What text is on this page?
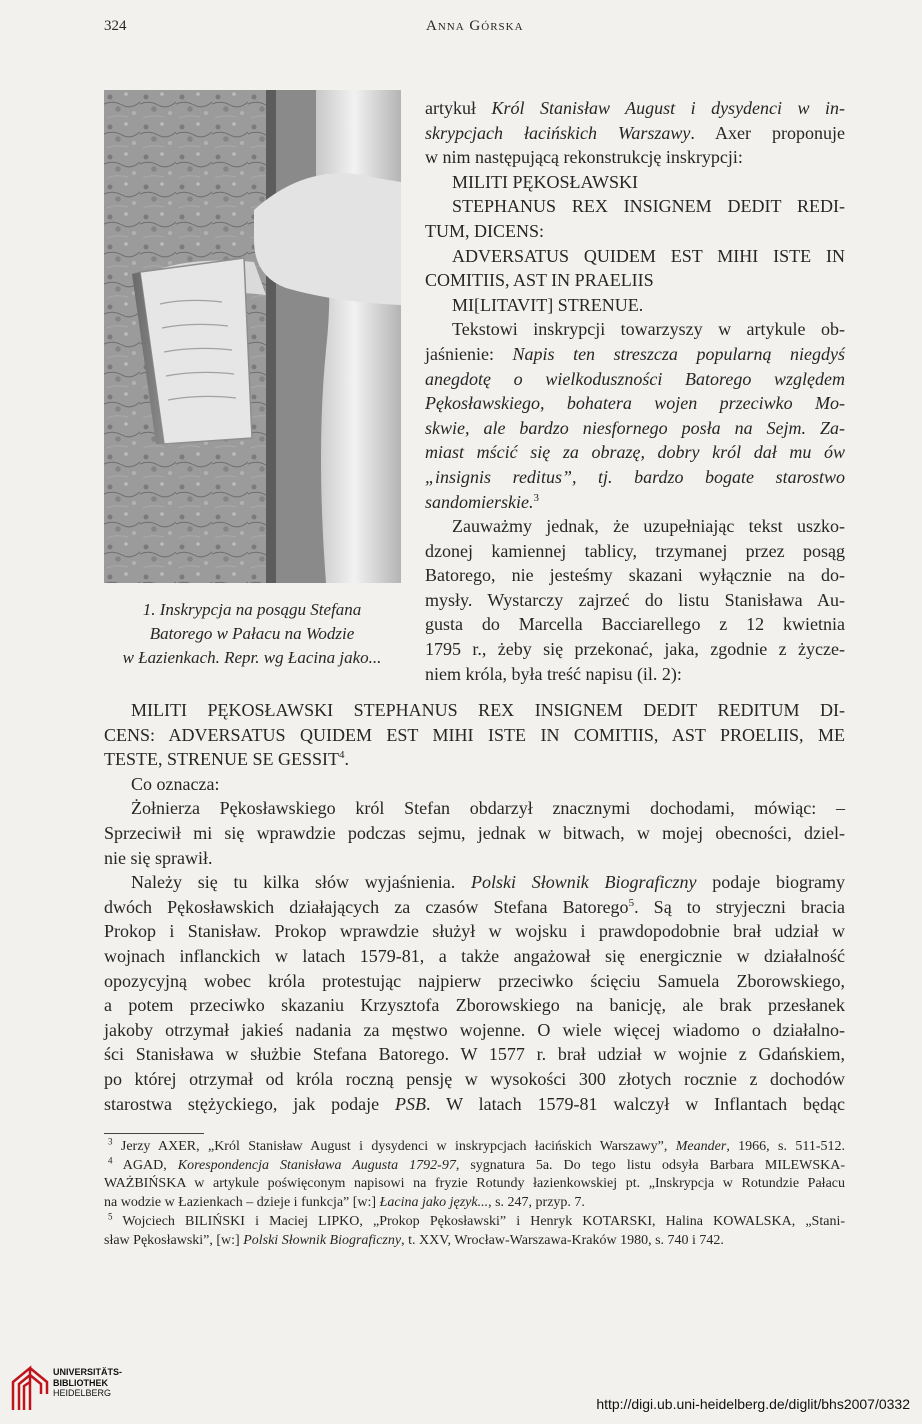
324	Anna Górska
1. Inskrypcja na posągu Stefana
Batorego w Pałacu na Wodzie
w Łazienkach. Repr. wg Łacina jako...
artykuł Król Stanisław August i dysydenci w in-
skrypcjach łacińskich Warszawy. Axer proponuje
w nim następującą rekonstrukcję inskrypcji:
MILITI PĘKOSŁAWSKI
STEPHANUS REX INSIGNEM DEDIT REDI-
TUM, DICENS:
ADVERSATUS QUIDEM EST MIHI ISTE IN
COMITIIS, AST IN PRAELIIS
MI[LITAVIT] STRENUE.
Tekstowi inskrypcji towarzyszy w artykule ob-
jaśnienie: Napis ten streszcza popularną niegdyś
anegdotę o wielkoduszności Batorego względem
Pękosławskiego, bohatera wojen przeciwko Mo-
skwie, ale bardzo niesfornego posła na Sejm. Za-
miast mścić się za obrazę, dobry król dał mu ów
„insignis reditus”, tj. bardzo bogate starostwo
sandomierskie.$^3$
Zauważmy jednak, że uzupełniając tekst uszko-
dzonej kamiennej tablicy, trzymanej przez posąg
Batorego, nie jesteśmy skazani wyłącznie na do-
mysły. Wystarczy zajrzeć do listu Stanisława Au-
gusta do Marcella Bacciarellego z 12 kwietnia
1795 r., żeby się przekonać, jaka, zgodnie z życze-
niem króla, była treść napisu (il. 2):
MILITI PĘKOSŁAWSKI STEPHANUS REX INSIGNEM DEDIT REDITUM DI-
CENS: ADVERSATUS QUIDEM EST MIHI ISTE IN COMITIIS, AST PROELIIS, ME
TESTE, STRENUE SE GESSIT$^4$.
Co oznacza:
Żołnierza Pękosławskiego król Stefan obdarzył znacznymi dochodami, mówiąc: –
Sprzeciwił mi się wprawdzie podczas sejmu, jednak w bitwach, w mojej obecności, dziel-
nie się sprawił.
Należy się tu kilka słów wyjaśnienia. Polski Słownik Biograficzny podaje biogramy
dwóch Pękosławskich działających za czasów Stefana Batorego$^5$. Są to stryjeczni bracia
Prokop i Stanisław. Prokop wprawdzie służył w wojsku i prawdopodobnie brał udział w
wojnach inflanckich w latach 1579-81, a także angażował się energicznie w działalność
opozycyjną wobec króla protestując najpierw przeciwko ścięciu Samuela Zborowskiego,
a potem przeciwko skazaniu Krzysztofa Zborowskiego na banicję, ale brak przesłanek
jakoby otrzymał jakieś nadania za męstwo wojenne. O wiele więcej wiadomo o działalno-
ści Stanisława w służbie Stefana Batorego. W 1577 r. brał udział w wojnie z Gdańskiem,
po której otrzymał od króla roczną pensję w wysokości 300 złotych rocznie z dochodów
starostwa stężyckiego, jak podaje PSB. W latach 1579-81 walczył w Inflantach będąc
$^3$ Jerzy AXER, „Król Stanisław August i dysydenci w inskrypcjach łacińskich Warszawy”, Meander, 1966, s. 511-512.
$^4$ AGAD, Korespondencja Stanisława Augusta 1792-97, sygnatura 5a. Do tego listu odsyła Barbara MILEWSKA-
WAŻBIŃSKA w artykule poświęconym napisowi na fryzie Rotundy łazienkowskiej pt. „Inskrypcja w Rotundzie Pałacu
na wodzie w Łazienkach – dzieje i funkcja” [w:] Łacina jako język..., s. 247, przyp. 7.
$^5$ Wojciech BILIŃSKI i Maciej LIPKO, „Prokop Pękosławski” i Henryk KOTARSKI, Halina KOWALSKA, „Stani-
sław Pękosławski”, [w:] Polski Słownik Biograficzny, t. XXV, Wrocław-Warszawa-Kraków 1980, s. 740 i 742.
UNIVERSITÄTS-
BIBLIOTHEK
HEIDELBERG
http://digi.ub.uni-heidelberg.de/diglit/bhs2007/0332
